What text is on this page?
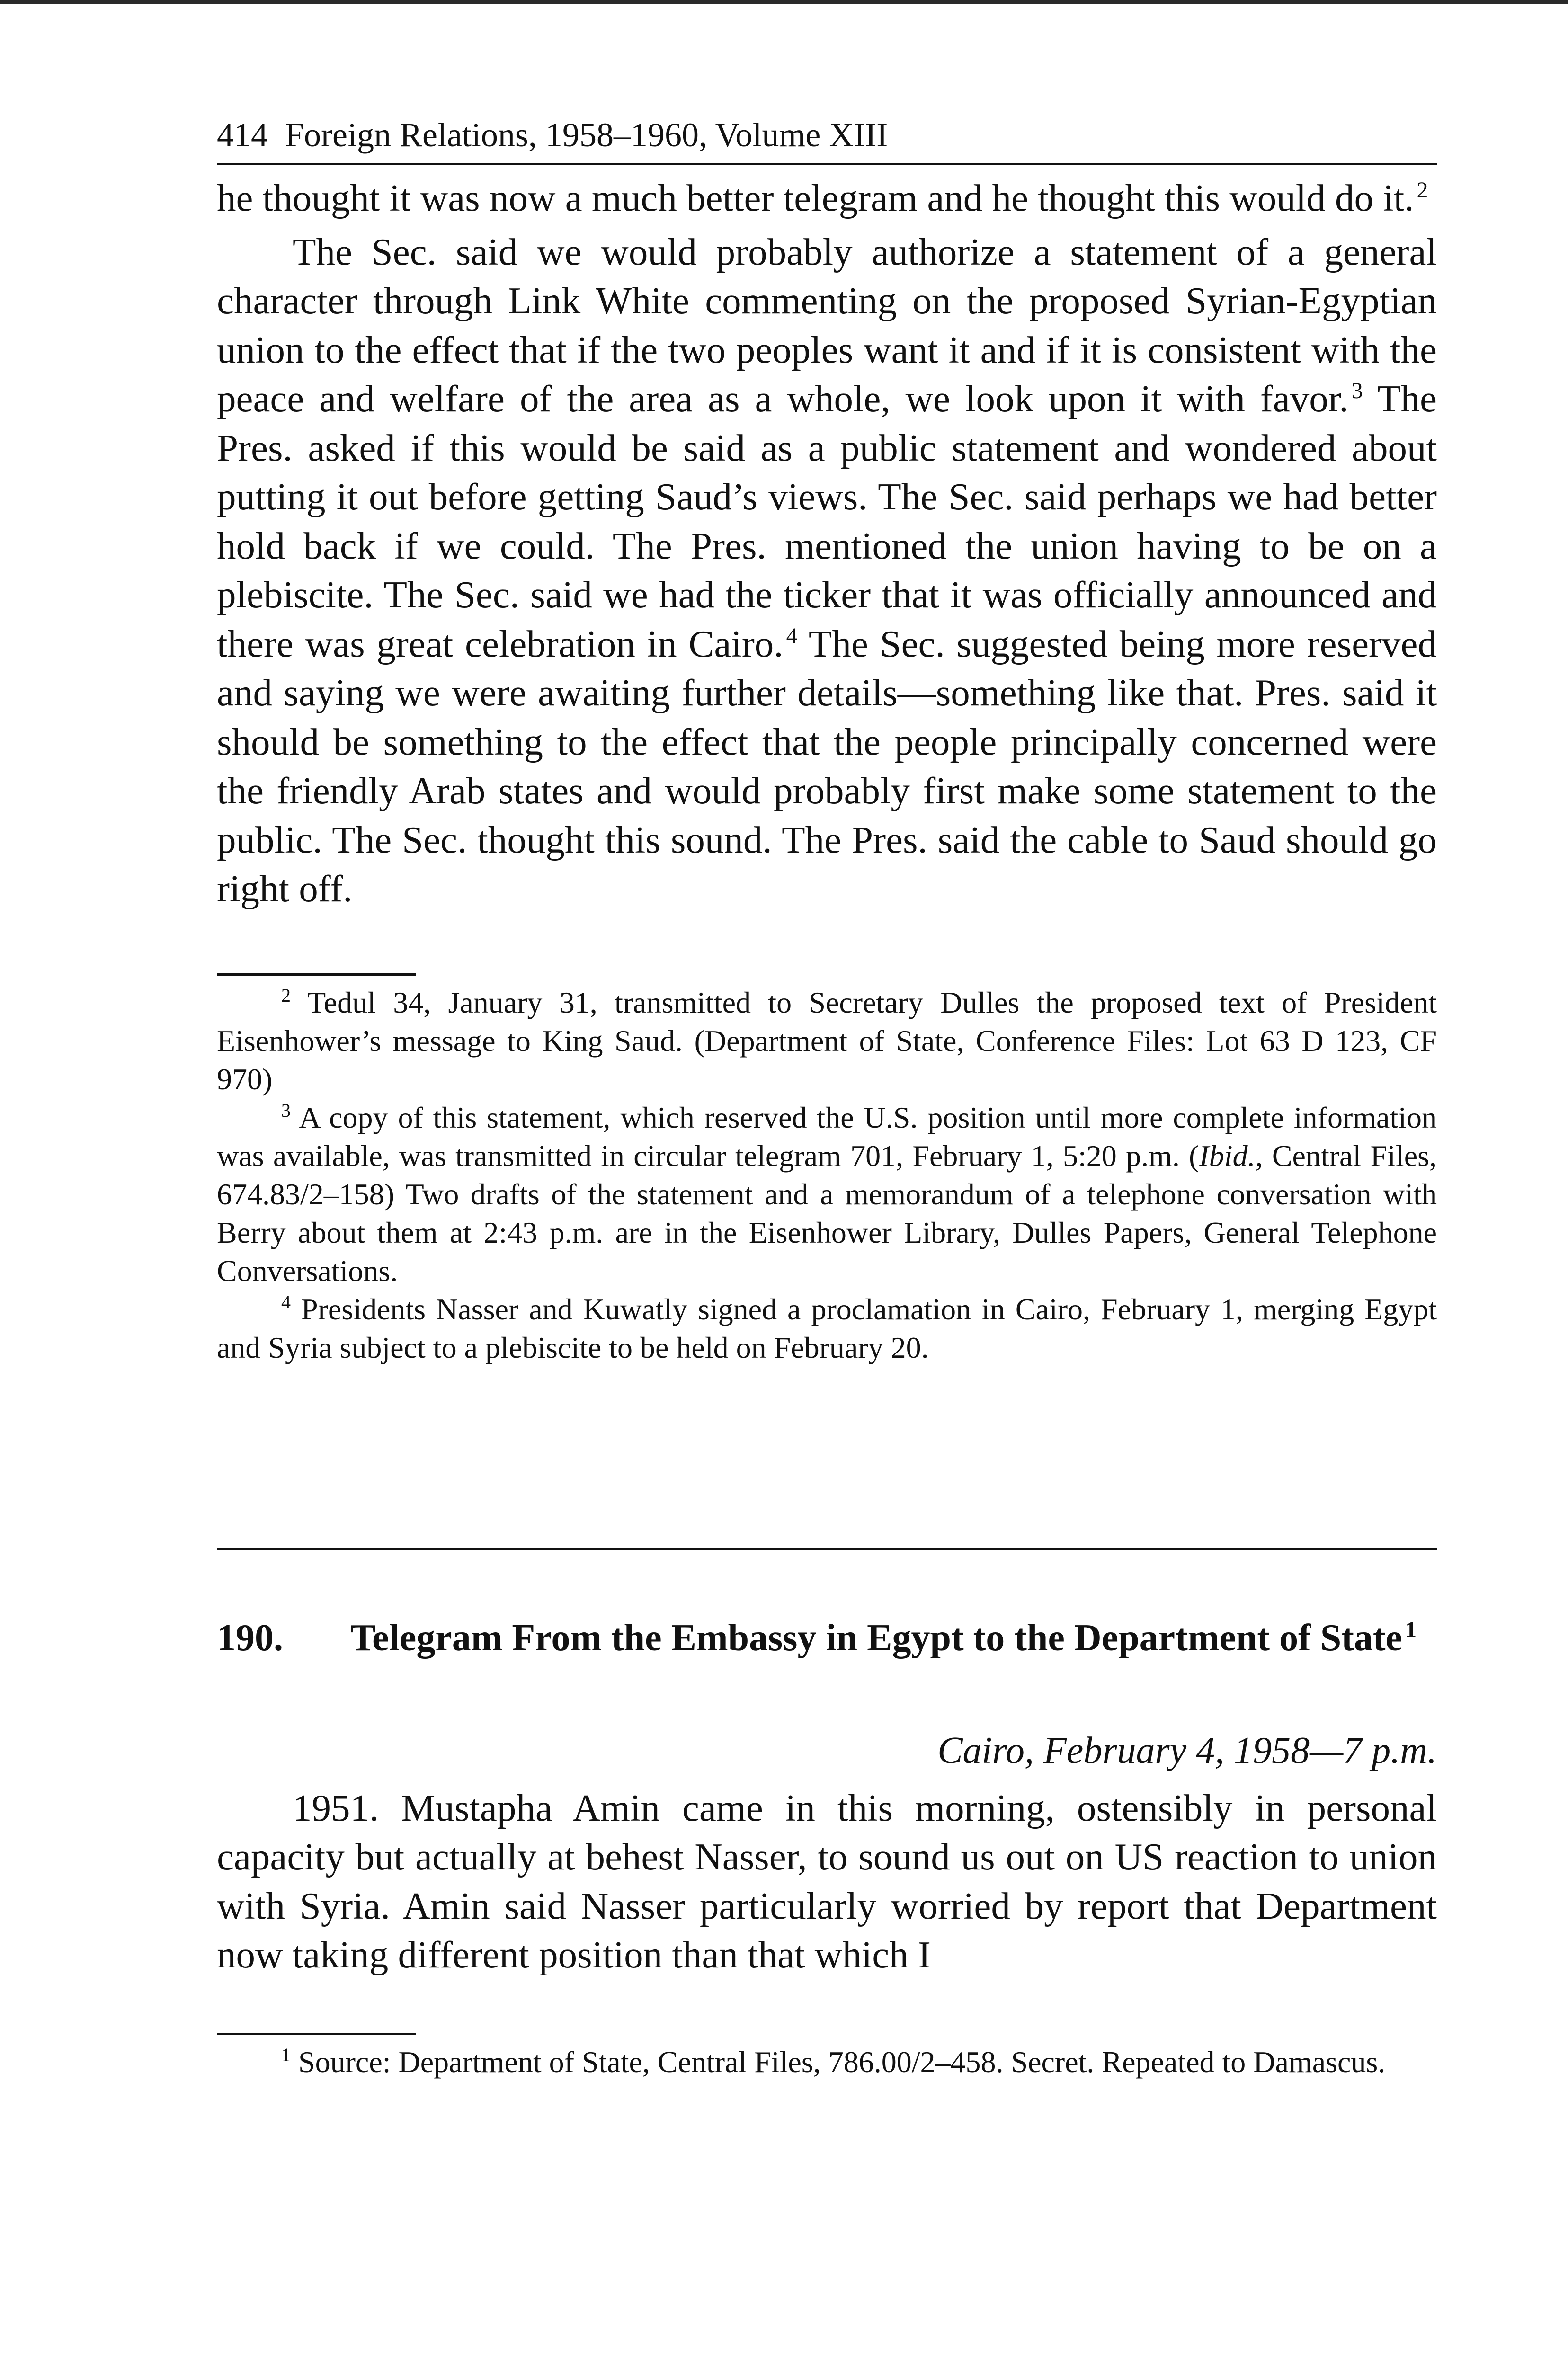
414 Foreign Relations, 1958–1960, Volume XIII

he thought it was now a much better telegram and he thought this would do it. $^2$

The Sec. said we would probably authorize a statement of a general character through Link White commenting on the proposed Syrian-Egyptian union to the effect that if the two peoples want it and if it is consistent with the peace and welfare of the area as a whole, we look upon it with favor. $^3$ The Pres. asked if this would be said as a public statement and wondered about putting it out before getting Saud’s views. The Sec. said perhaps we had better hold back if we could. The Pres. mentioned the union having to be on a plebiscite. The Sec. said we had the ticker that it was officially announced and there was great celebration in Cairo. $^4$ The Sec. suggested being more reserved and saying we were awaiting further details—something like that. Pres. said it should be something to the effect that the people principally concerned were the friendly Arab states and would probably first make some statement to the public. The Sec. thought this sound. The Pres. said the cable to Saud should go right off.

$^2$ Tedul 34, January 31, transmitted to Secretary Dulles the proposed text of President Eisenhower’s message to King Saud. (Department of State, Conference Files: Lot 63 D 123, CF 970)

$^3$ A copy of this statement, which reserved the U.S. position until more complete information was available, was transmitted in circular telegram 701, February 1, 5:20 p.m. (Ibid., Central Files, 674.83/2–158) Two drafts of the statement and a memorandum of a telephone conversation with Berry about them at 2:43 p.m. are in the Eisenhower Library, Dulles Papers, General Telephone Conversations.

$^4$ Presidents Nasser and Kuwatly signed a proclamation in Cairo, February 1, merging Egypt and Syria subject to a plebiscite to be held on February 20.

190.	Telegram From the Embassy in Egypt to the Department of State $^1$
Cairo, February 4, 1958—7 p.m.

1951. Mustapha Amin came in this morning, ostensibly in personal capacity but actually at behest Nasser, to sound us out on US reaction to union with Syria. Amin said Nasser particularly worried by report that Department now taking different position than that which I

$^1$ Source: Department of State, Central Files, 786.00/2–458. Secret. Repeated to Damascus.
